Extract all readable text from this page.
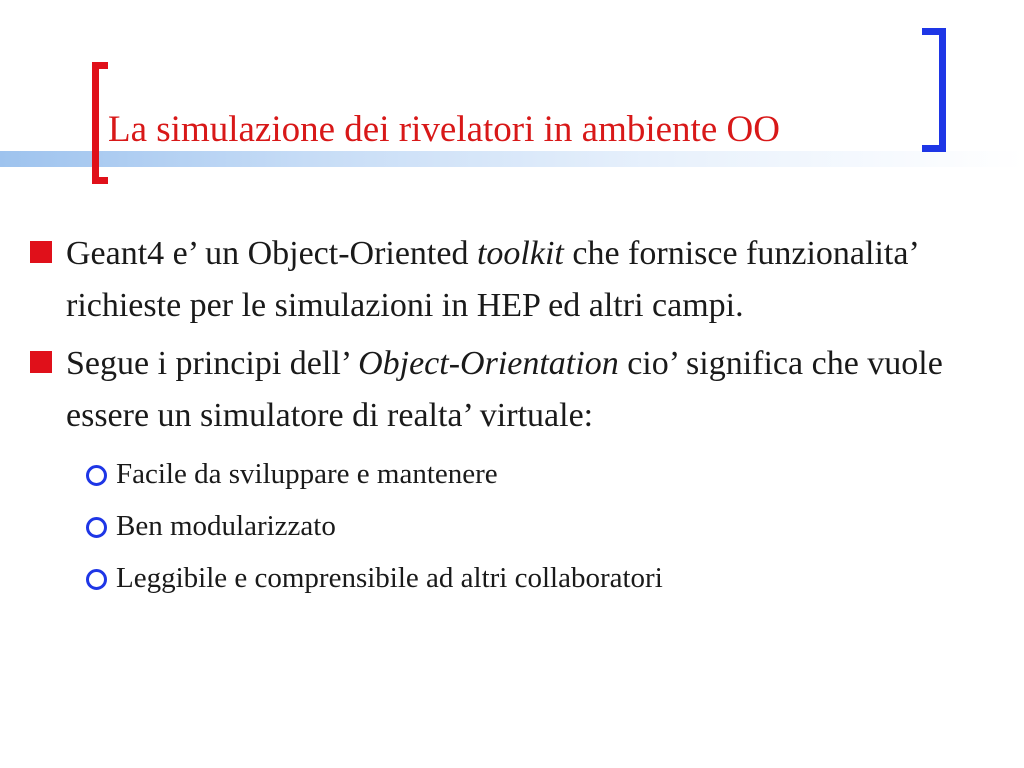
La simulazione dei rivelatori in ambiente OO
Geant4 e’ un Object-Oriented toolkit che fornisce funzionalita’ richieste per le simulazioni in HEP ed altri campi.
Segue i principi dell’ Object-Orientation cio’ significa che vuole essere un simulatore di realta’ virtuale:
Facile da sviluppare e mantenere
Ben modularizzato
Leggibile e comprensibile ad altri collaboratori
